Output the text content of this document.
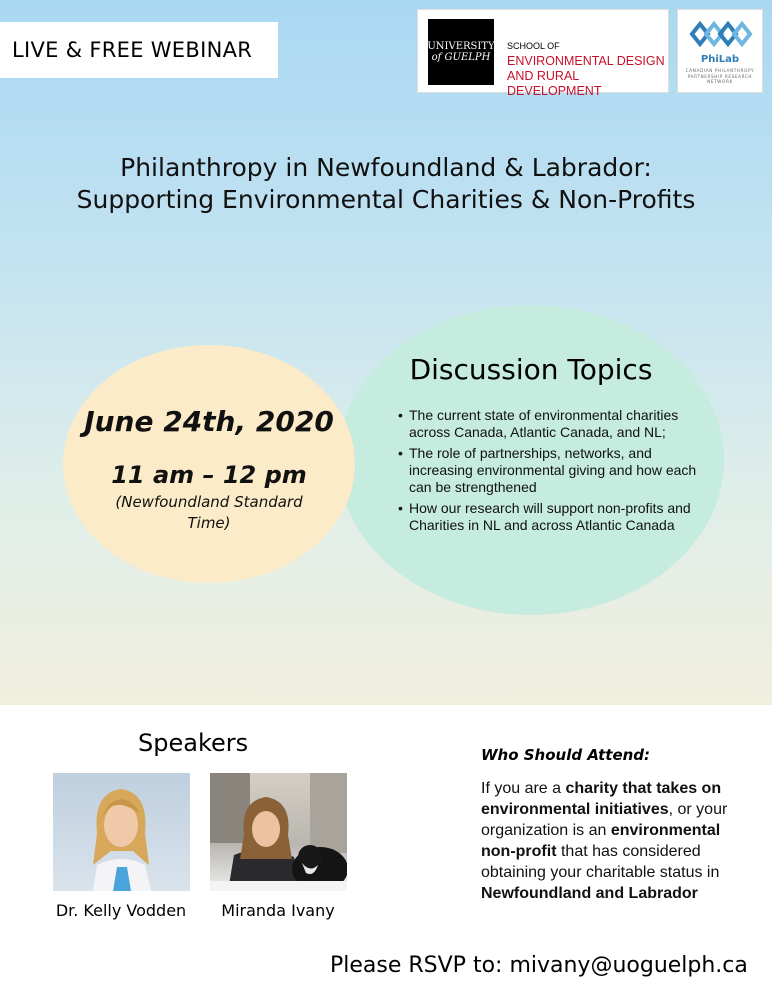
LIVE & FREE WEBINAR	UNIVERSITY
of GUELPH
SCHOOL OF
ENVIRONMENTAL DESIGN
AND RURAL DEVELOPMENT
PhiLab
CANADIAN PHILANTHROPY PARTNERSHIP RESEARCH NETWORK
Philanthropy in Newfoundland & Labrador:
Supporting Environmental Charities & Non-Profits
June 24th, 2020
11 am – 12 pm
(Newfoundland Standard Time)
Discussion Topics
• The current state of environmental charities across Canada, Atlantic Canada, and NL;
• The role of partnerships, networks, and increasing environmental giving and how each can be strengthened
• How our research will support non-profits and Charities in NL and across Atlantic Canada
Speakers
Dr. Kelly Vodden	Miranda Ivany
Who Should Attend:
If you are a charity that takes on environmental initiatives, or your organization is an environmental non-profit that has considered obtaining your charitable status in Newfoundland and Labrador
Please RSVP to: mivany@uoguelph.ca
